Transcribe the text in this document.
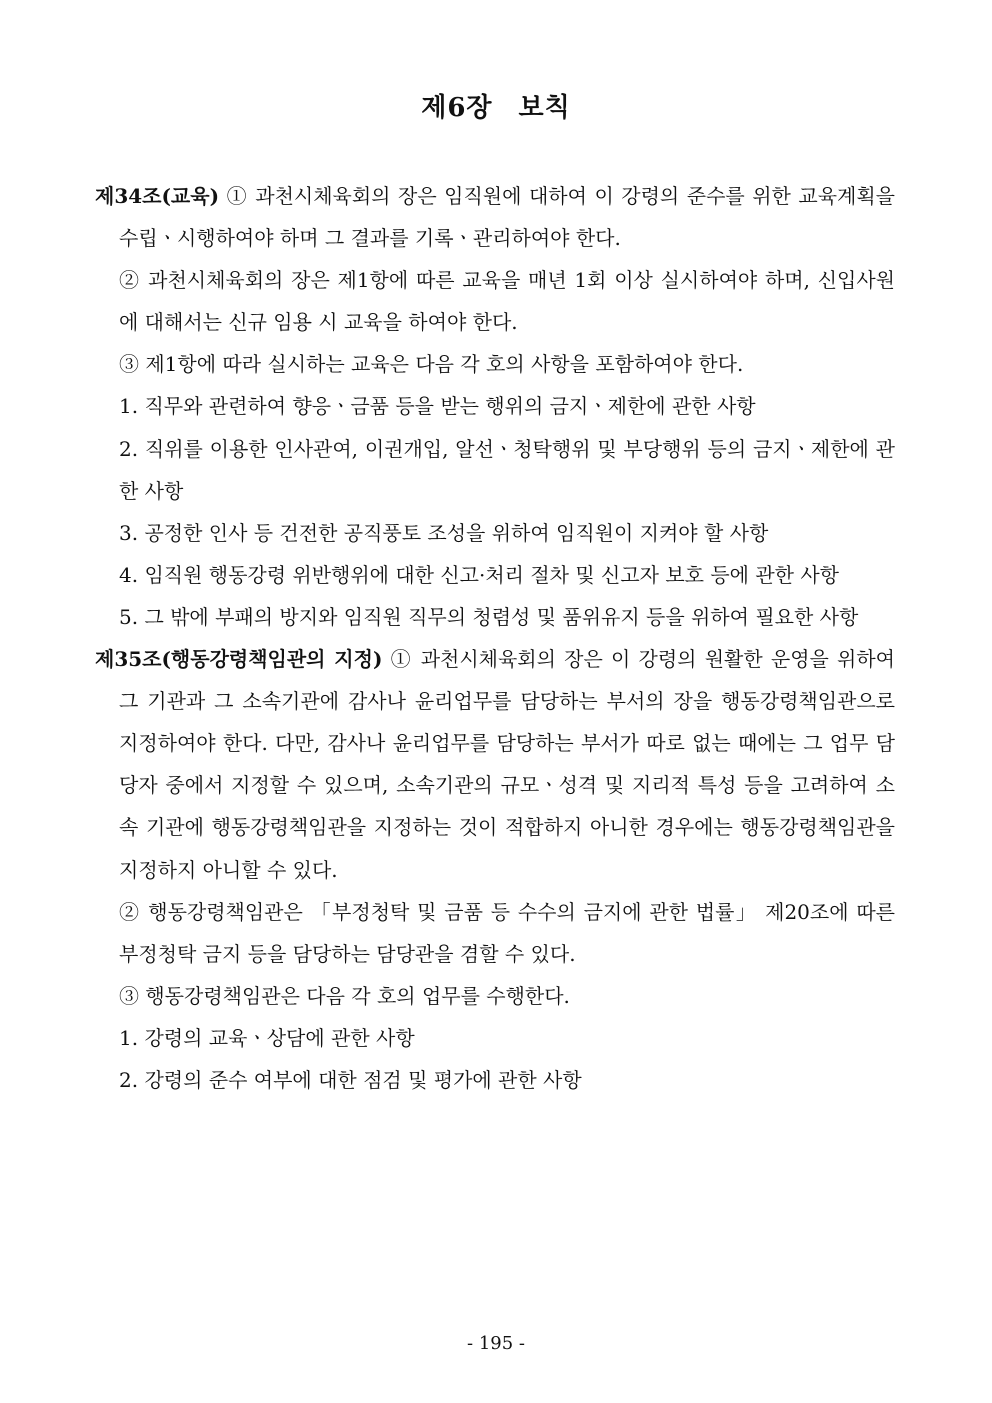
제6장 보칙

제34조(교육) ① 과천시체육회의 장은 임직원에 대하여 이 강령의 준수를 위한 교육계획을 수립ㆍ시행하여야 하며 그 결과를 기록ㆍ관리하여야 한다.

② 과천시체육회의 장은 제1항에 따른 교육을 매년 1회 이상 실시하여야 하며, 신입사원에 대해서는 신규 임용 시 교육을 하여야 한다.

③ 제1항에 따라 실시하는 교육은 다음 각 호의 사항을 포함하여야 한다.

1. 직무와 관련하여 향응ㆍ금품 등을 받는 행위의 금지ㆍ제한에 관한 사항

2. 직위를 이용한 인사관여, 이권개입, 알선ㆍ청탁행위 및 부당행위 등의 금지ㆍ제한에 관한 사항

3. 공정한 인사 등 건전한 공직풍토 조성을 위하여 임직원이 지켜야 할 사항

4. 임직원 행동강령 위반행위에 대한 신고·처리 절차 및 신고자 보호 등에 관한 사항

5. 그 밖에 부패의 방지와 임직원 직무의 청렴성 및 품위유지 등을 위하여 필요한 사항

제35조(행동강령책임관의 지정) ① 과천시체육회의 장은 이 강령의 원활한 운영을 위하여 그 기관과 그 소속기관에 감사나 윤리업무를 담당하는 부서의 장을 행동강령책임관으로 지정하여야 한다. 다만, 감사나 윤리업무를 담당하는 부서가 따로 없는 때에는 그 업무 담당자 중에서 지정할 수 있으며, 소속기관의 규모ㆍ성격 및 지리적 특성 등을 고려하여 소속 기관에 행동강령책임관을 지정하는 것이 적합하지 아니한 경우에는 행동강령책임관을 지정하지 아니할 수 있다.

② 행동강령책임관은 「부정청탁 및 금품 등 수수의 금지에 관한 법률」 제20조에 따른 부정청탁 금지 등을 담당하는 담당관을 겸할 수 있다.

③ 행동강령책임관은 다음 각 호의 업무를 수행한다.

1. 강령의 교육ㆍ상담에 관한 사항

2. 강령의 준수 여부에 대한 점검 및 평가에 관한 사항

- 195 -
